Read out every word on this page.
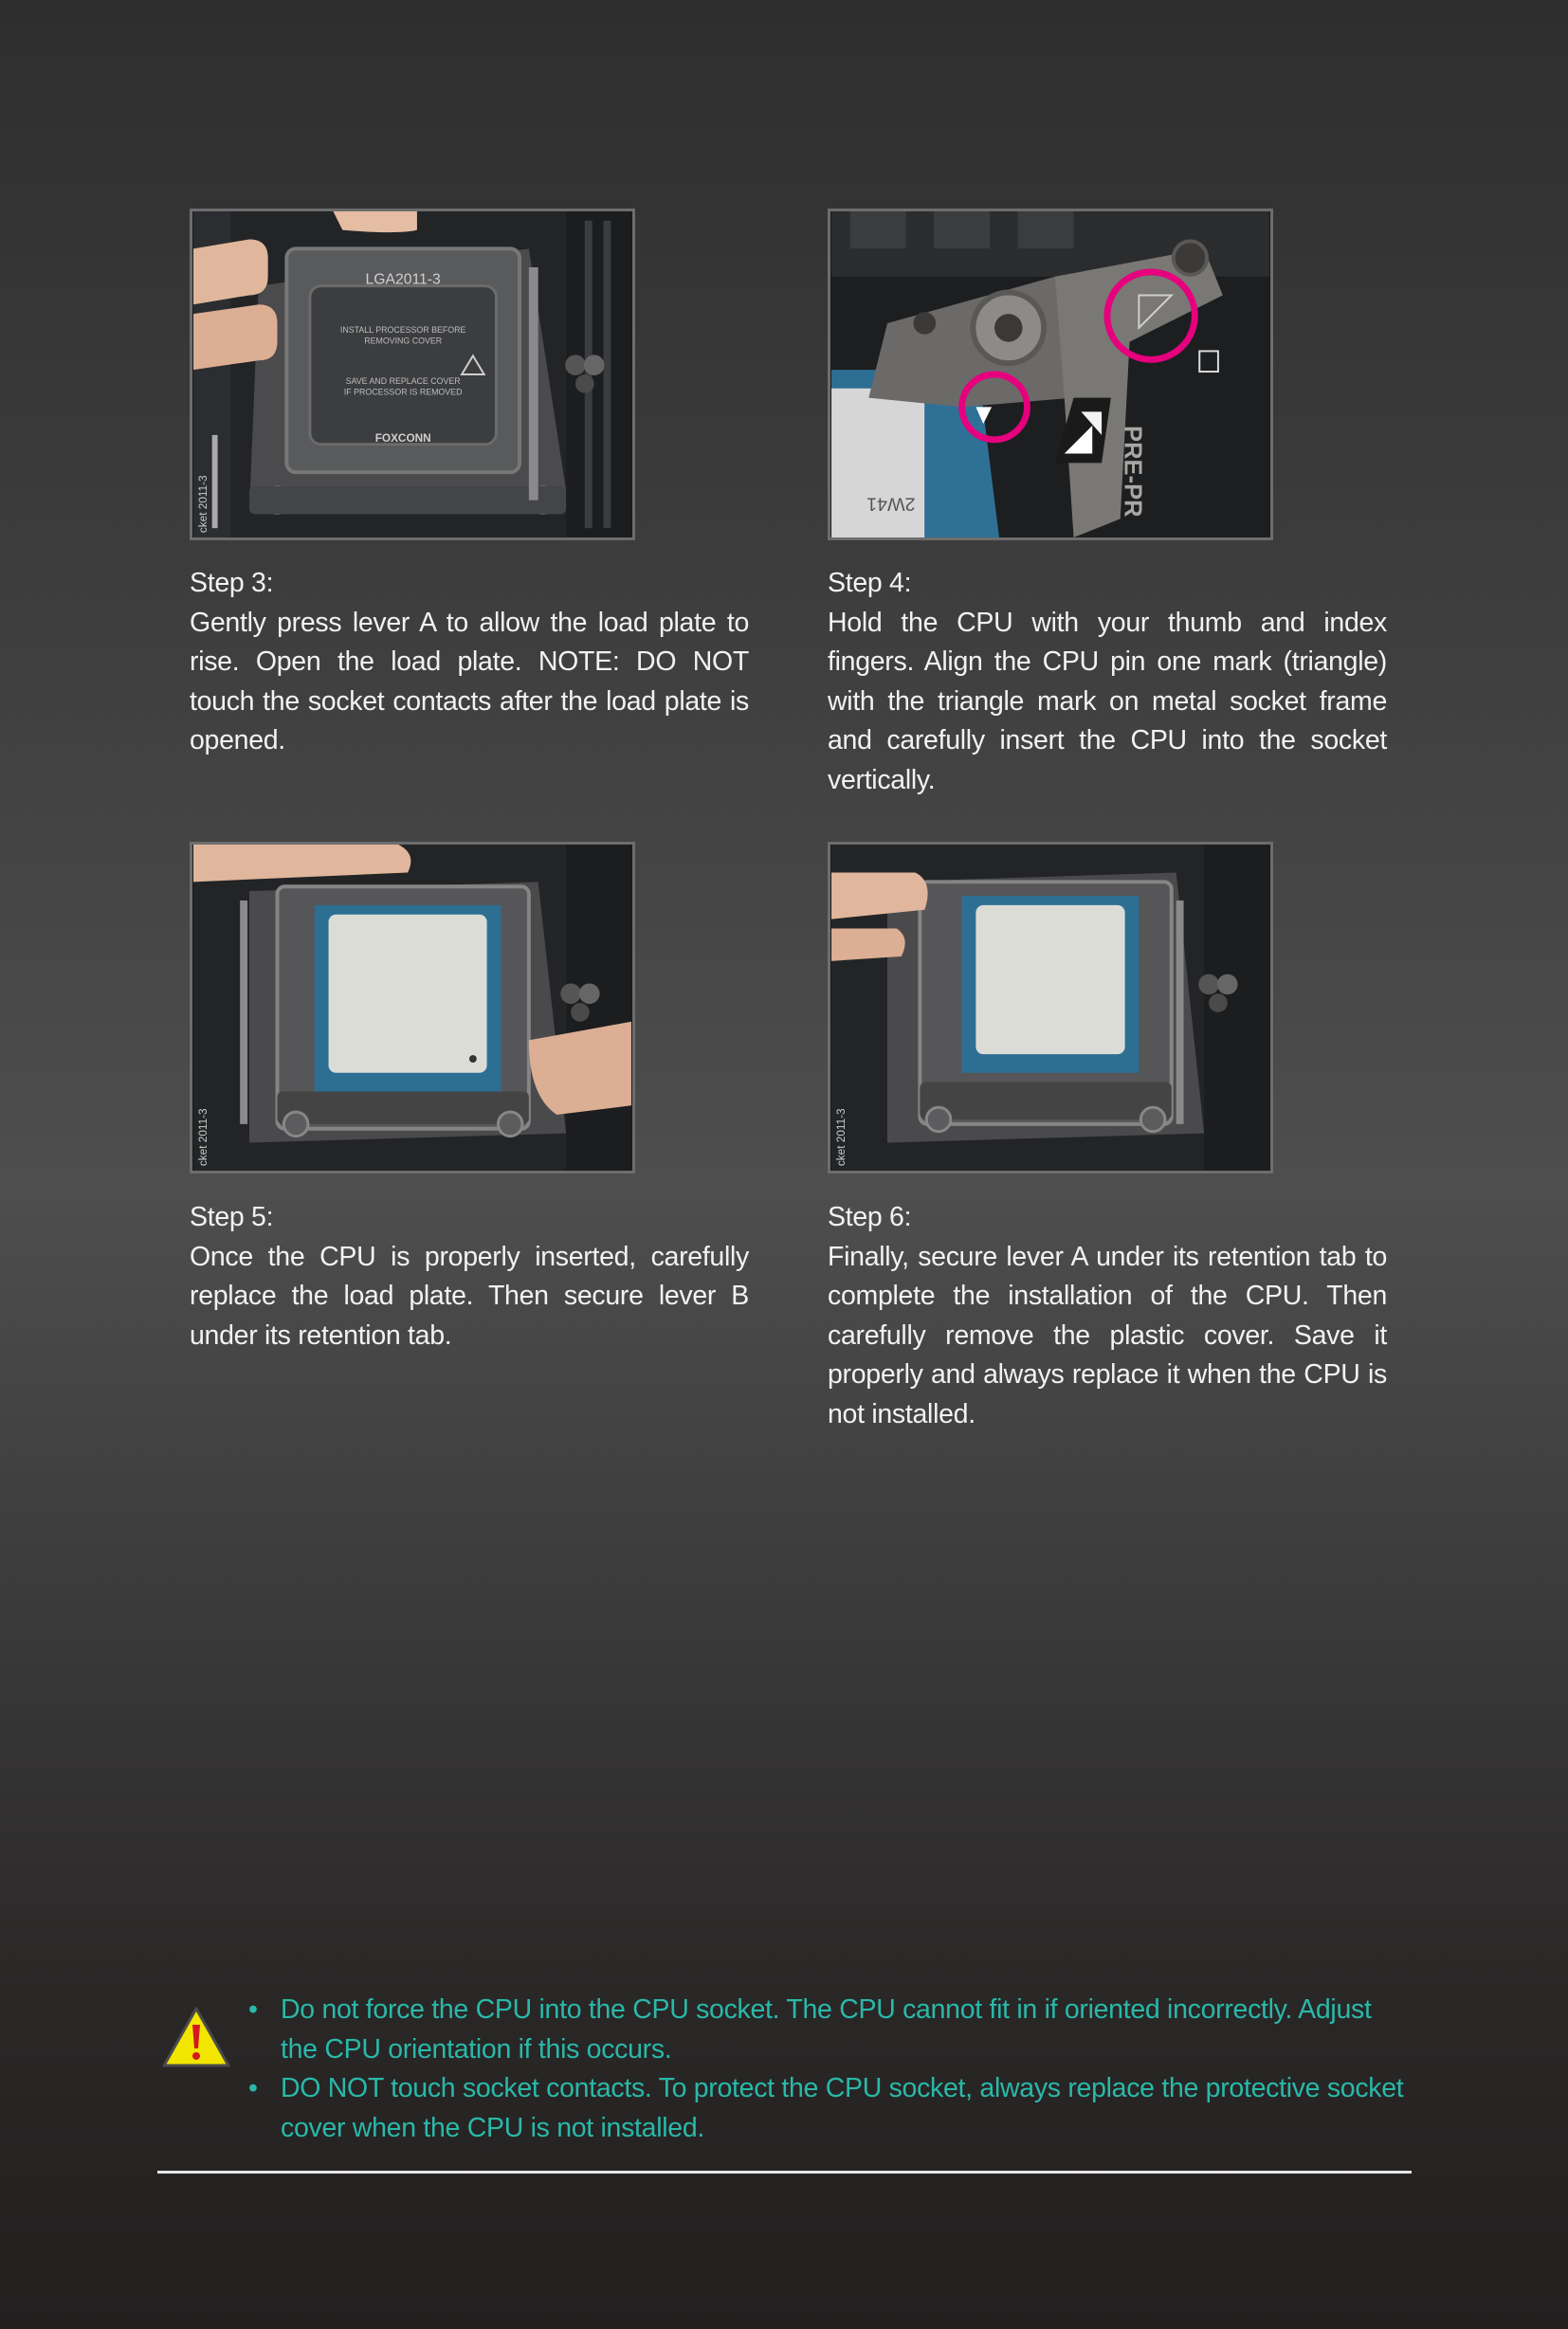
LGA2011-3
INSTALL PROCESSOR BEFORE
REMOVING COVER
SAVE AND REPLACE COVER
IF PROCESSOR IS REMOVED
FOXCONN
cket 2011-3	2W41	PRE-PR
cket 2011-3	cket 2011-3
Step 3:
Gently press lever A to allow the load plate to rise. Open the load plate. NOTE: DO NOT touch the socket contacts after the load plate is opened.
Step 4:
Hold the CPU with your thumb and index fingers. Align the CPU pin one mark (triangle) with the triangle mark on metal socket frame and carefully insert the CPU into the socket vertically.
Step 5:
Once the CPU is properly inserted, carefully replace the load plate. Then secure lever B under its retention tab.
Step 6:
Finally, secure lever A under its retention tab to complete the installation of the CPU. Then carefully remove the plastic cover. Save it properly and always replace it when the CPU is not installed.
• Do not force the CPU into the CPU socket. The CPU cannot fit in if oriented incorrectly. Adjust the CPU orientation if this occurs.
• DO NOT touch socket contacts. To protect the CPU socket, always replace the protective socket cover when the CPU is not installed.
